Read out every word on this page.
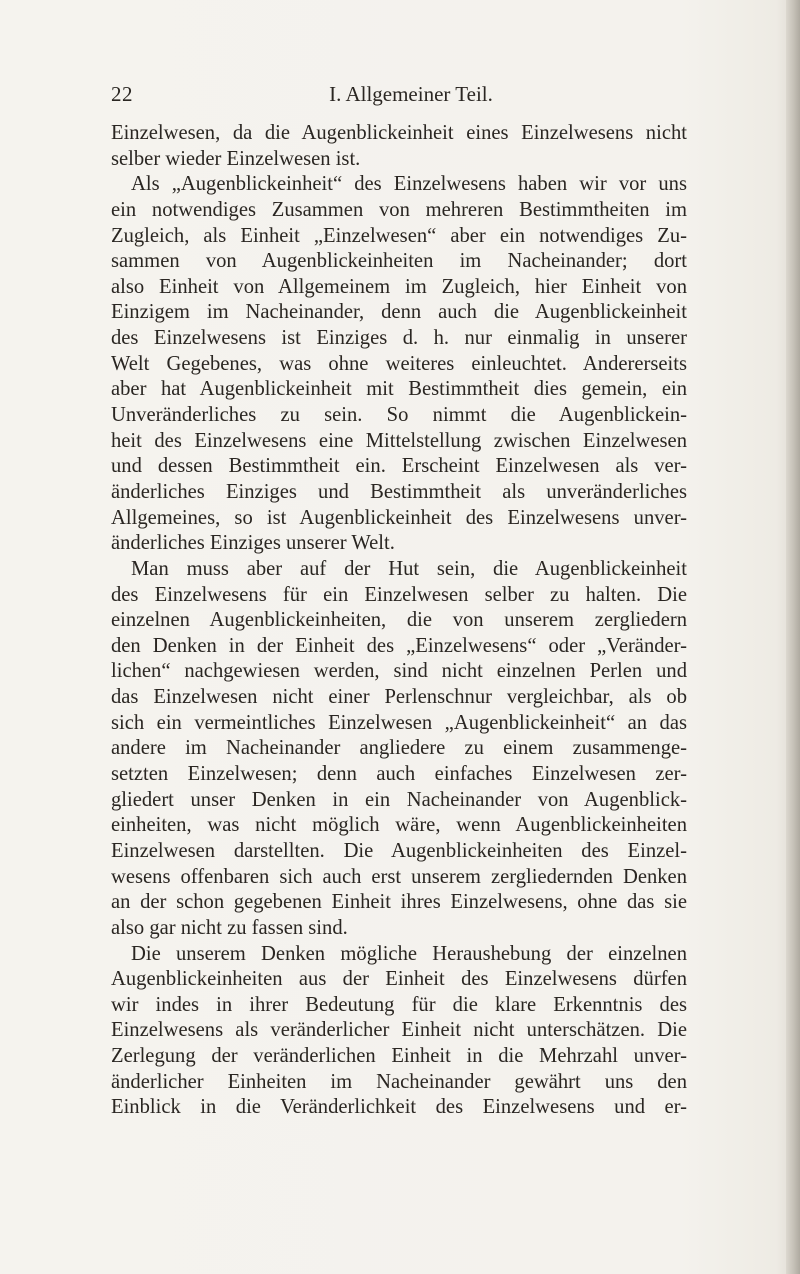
22	I. Allgemeiner Teil.
Einzelwesen, da die Augenblickeinheit eines Einzelwesens nicht
selber wieder Einzelwesen ist.
Als „Augenblickeinheit“ des Einzelwesens haben wir vor uns
ein notwendiges Zusammen von mehreren Bestimmtheiten im
Zugleich, als Einheit „Einzelwesen“ aber ein notwendiges Zu-
sammen von Augenblickeinheiten im Nacheinander; dort
also Einheit von Allgemeinem im Zugleich, hier Einheit von
Einzigem im Nacheinander, denn auch die Augenblickeinheit
des Einzelwesens ist Einziges d. h. nur einmalig in unserer
Welt Gegebenes, was ohne weiteres einleuchtet. Andererseits
aber hat Augenblickeinheit mit Bestimmtheit dies gemein, ein
Unveränderliches zu sein. So nimmt die Augenblickein-
heit des Einzelwesens eine Mittelstellung zwischen Einzelwesen
und dessen Bestimmtheit ein. Erscheint Einzelwesen als ver-
änderliches Einziges und Bestimmtheit als unveränderliches
Allgemeines, so ist Augenblickeinheit des Einzelwesens unver-
änderliches Einziges unserer Welt.
Man muss aber auf der Hut sein, die Augenblickeinheit
des Einzelwesens für ein Einzelwesen selber zu halten. Die
einzelnen Augenblickeinheiten, die von unserem zergliedern
den Denken in der Einheit des „Einzelwesens“ oder „Veränder-
lichen“ nachgewiesen werden, sind nicht einzelnen Perlen und
das Einzelwesen nicht einer Perlenschnur vergleichbar, als ob
sich ein vermeintliches Einzelwesen „Augenblickeinheit“ an das
andere im Nacheinander angliedere zu einem zusammenge-
setzten Einzelwesen; denn auch einfaches Einzelwesen zer-
gliedert unser Denken in ein Nacheinander von Augenblick-
einheiten, was nicht möglich wäre, wenn Augenblickeinheiten
Einzelwesen darstellten. Die Augenblickeinheiten des Einzel-
wesens offenbaren sich auch erst unserem zergliedernden Denken
an der schon gegebenen Einheit ihres Einzelwesens, ohne das sie
also gar nicht zu fassen sind.
Die unserem Denken mögliche Heraushebung der einzelnen
Augenblickeinheiten aus der Einheit des Einzelwesens dürfen
wir indes in ihrer Bedeutung für die klare Erkenntnis des
Einzelwesens als veränderlicher Einheit nicht unterschätzen. Die
Zerlegung der veränderlichen Einheit in die Mehrzahl unver-
änderlicher Einheiten im Nacheinander gewährt uns den
Einblick in die Veränderlichkeit des Einzelwesens und er-
